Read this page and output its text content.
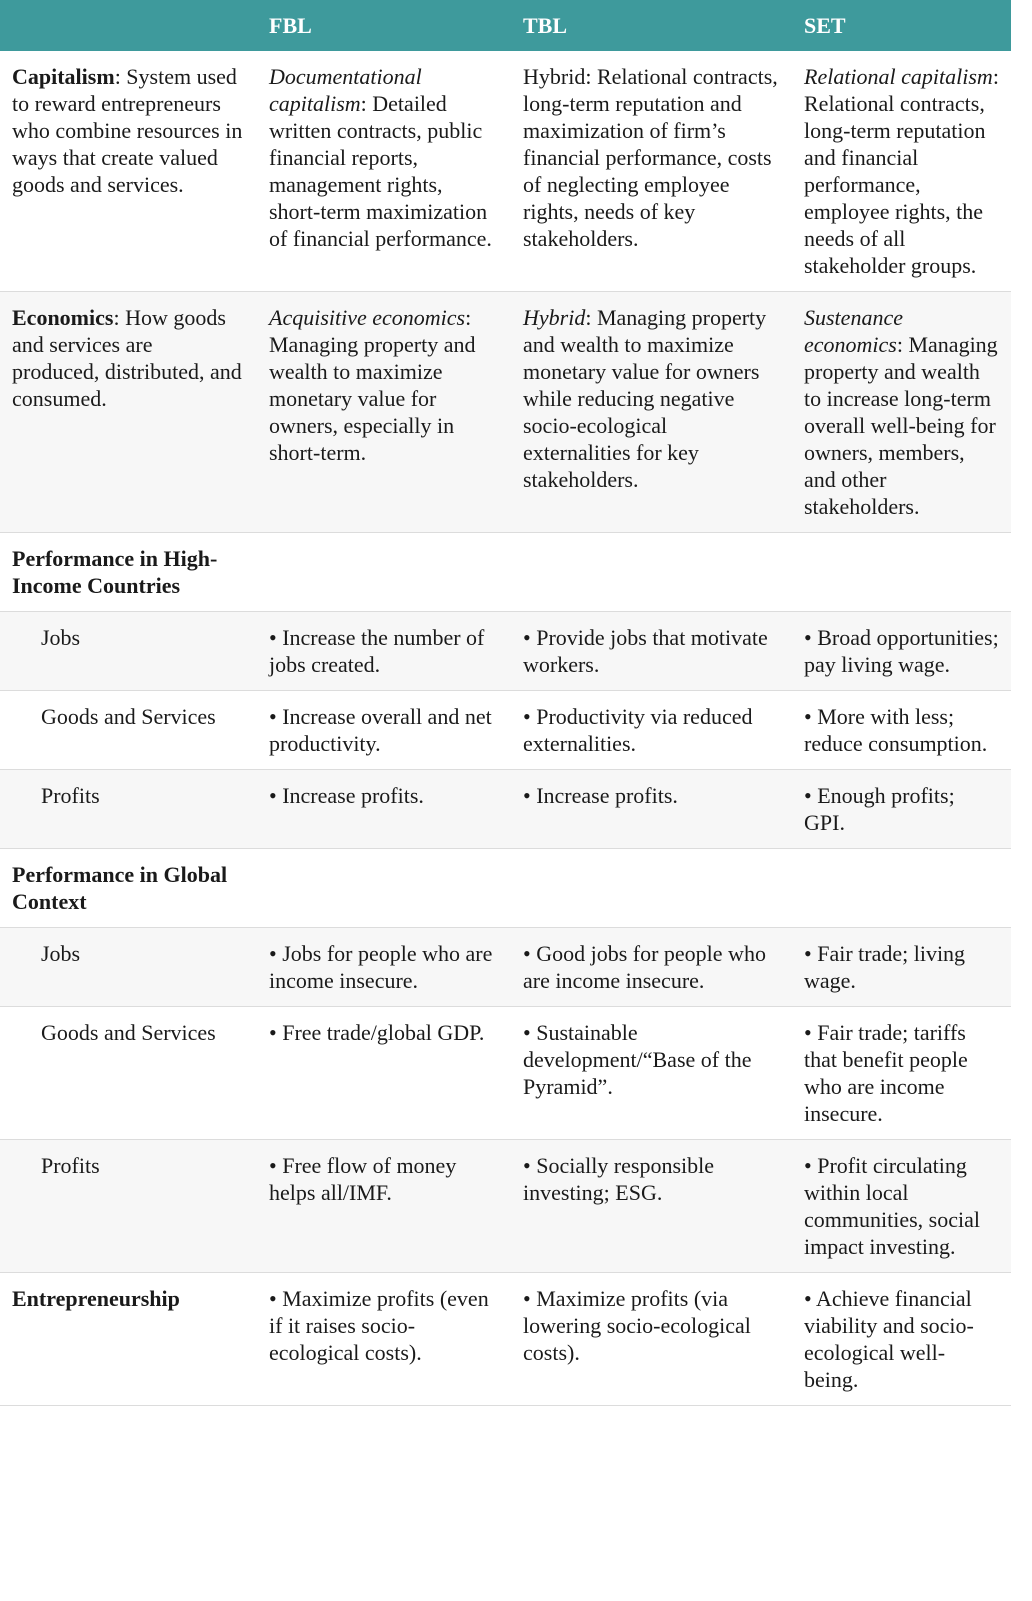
	FBL	TBL	SET
Capitalism: System used to reward entrepreneurs who combine resources in ways that create valued goods and services.	Documentational capitalism: Detailed written contracts, public financial reports, management rights, short-term maximization of financial performance.	Hybrid: Relational contracts, long-term reputation and maximization of firm’s financial performance, costs of neglecting employee rights, needs of key stakeholders.	Relational capitalism: Relational contracts, long-term reputation and financial performance, employee rights, the needs of all stakeholder groups.
Economics: How goods and services are produced, distributed, and consumed.	Acquisitive economics: Managing property and wealth to maximize monetary value for owners, especially in short-term.	Hybrid: Managing property and wealth to maximize monetary value for owners while reducing negative socio-ecological externalities for key stakeholders.	Sustenance economics: Managing property and wealth to increase long-term overall well-being for owners, members, and other stakeholders.
Performance in High-Income Countries			
Jobs	• Increase the number of jobs created.	• Provide jobs that motivate workers.	• Broad opportunities; pay living wage.
Goods and Services	• Increase overall and net productivity.	• Productivity via reduced externalities.	• More with less; reduce consumption.
Profits	• Increase profits.	• Increase profits.	• Enough profits; GPI.
Performance in Global Context			
Jobs	• Jobs for people who are income insecure.	• Good jobs for people who are income insecure.	• Fair trade; living wage.
Goods and Services	• Free trade/global GDP.	• Sustainable development/“Base of the Pyramid”.	• Fair trade; tariffs that benefit people who are income insecure.
Profits	• Free flow of money helps all/IMF.	• Socially responsible investing; ESG.	• Profit circulating within local communities, social impact investing.
Entrepreneurship	• Maximize profits (even if it raises socio-ecological costs).	• Maximize profits (via lowering socio-ecological costs).	• Achieve financial viability and socio-ecological well-being.
